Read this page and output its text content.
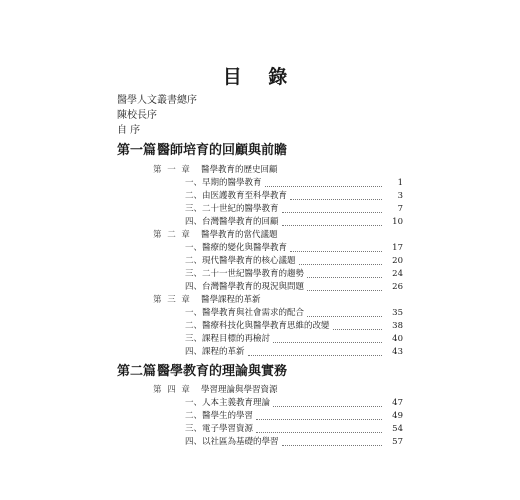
目 錄
醫學人文叢書總序
陳校長序
自 序
第一篇醫師培育的回顧與前瞻
第 一 章	醫學教育的歷史回顧
一、早期的醫學教育	1
二、由医護教育至科學教育	3
三、二十世紀的醫學教育	7
四、台灣醫學教育的回顧	10
第 二 章	醫學教育的當代議題
一、醫療的變化與醫學教育	17
二、現代醫學教育的核心議題	20
三、二十一世紀醫學教育的趨勢	24
四、台灣醫學教育的現況與問題	26
第 三 章	醫學課程的革新
一、醫學教育與社會需求的配合	35
二、醫療科技化與醫學教育思維的改變	38
三、課程目標的再檢討	40
四、課程的革新	43
第二篇醫學教育的理論與實務
第 四 章	學習理論與學習資源
一、人本主義教育理論	47
二、醫學生的學習	49
三、電子學習資源	54
四、以社區為基礎的學習	57
